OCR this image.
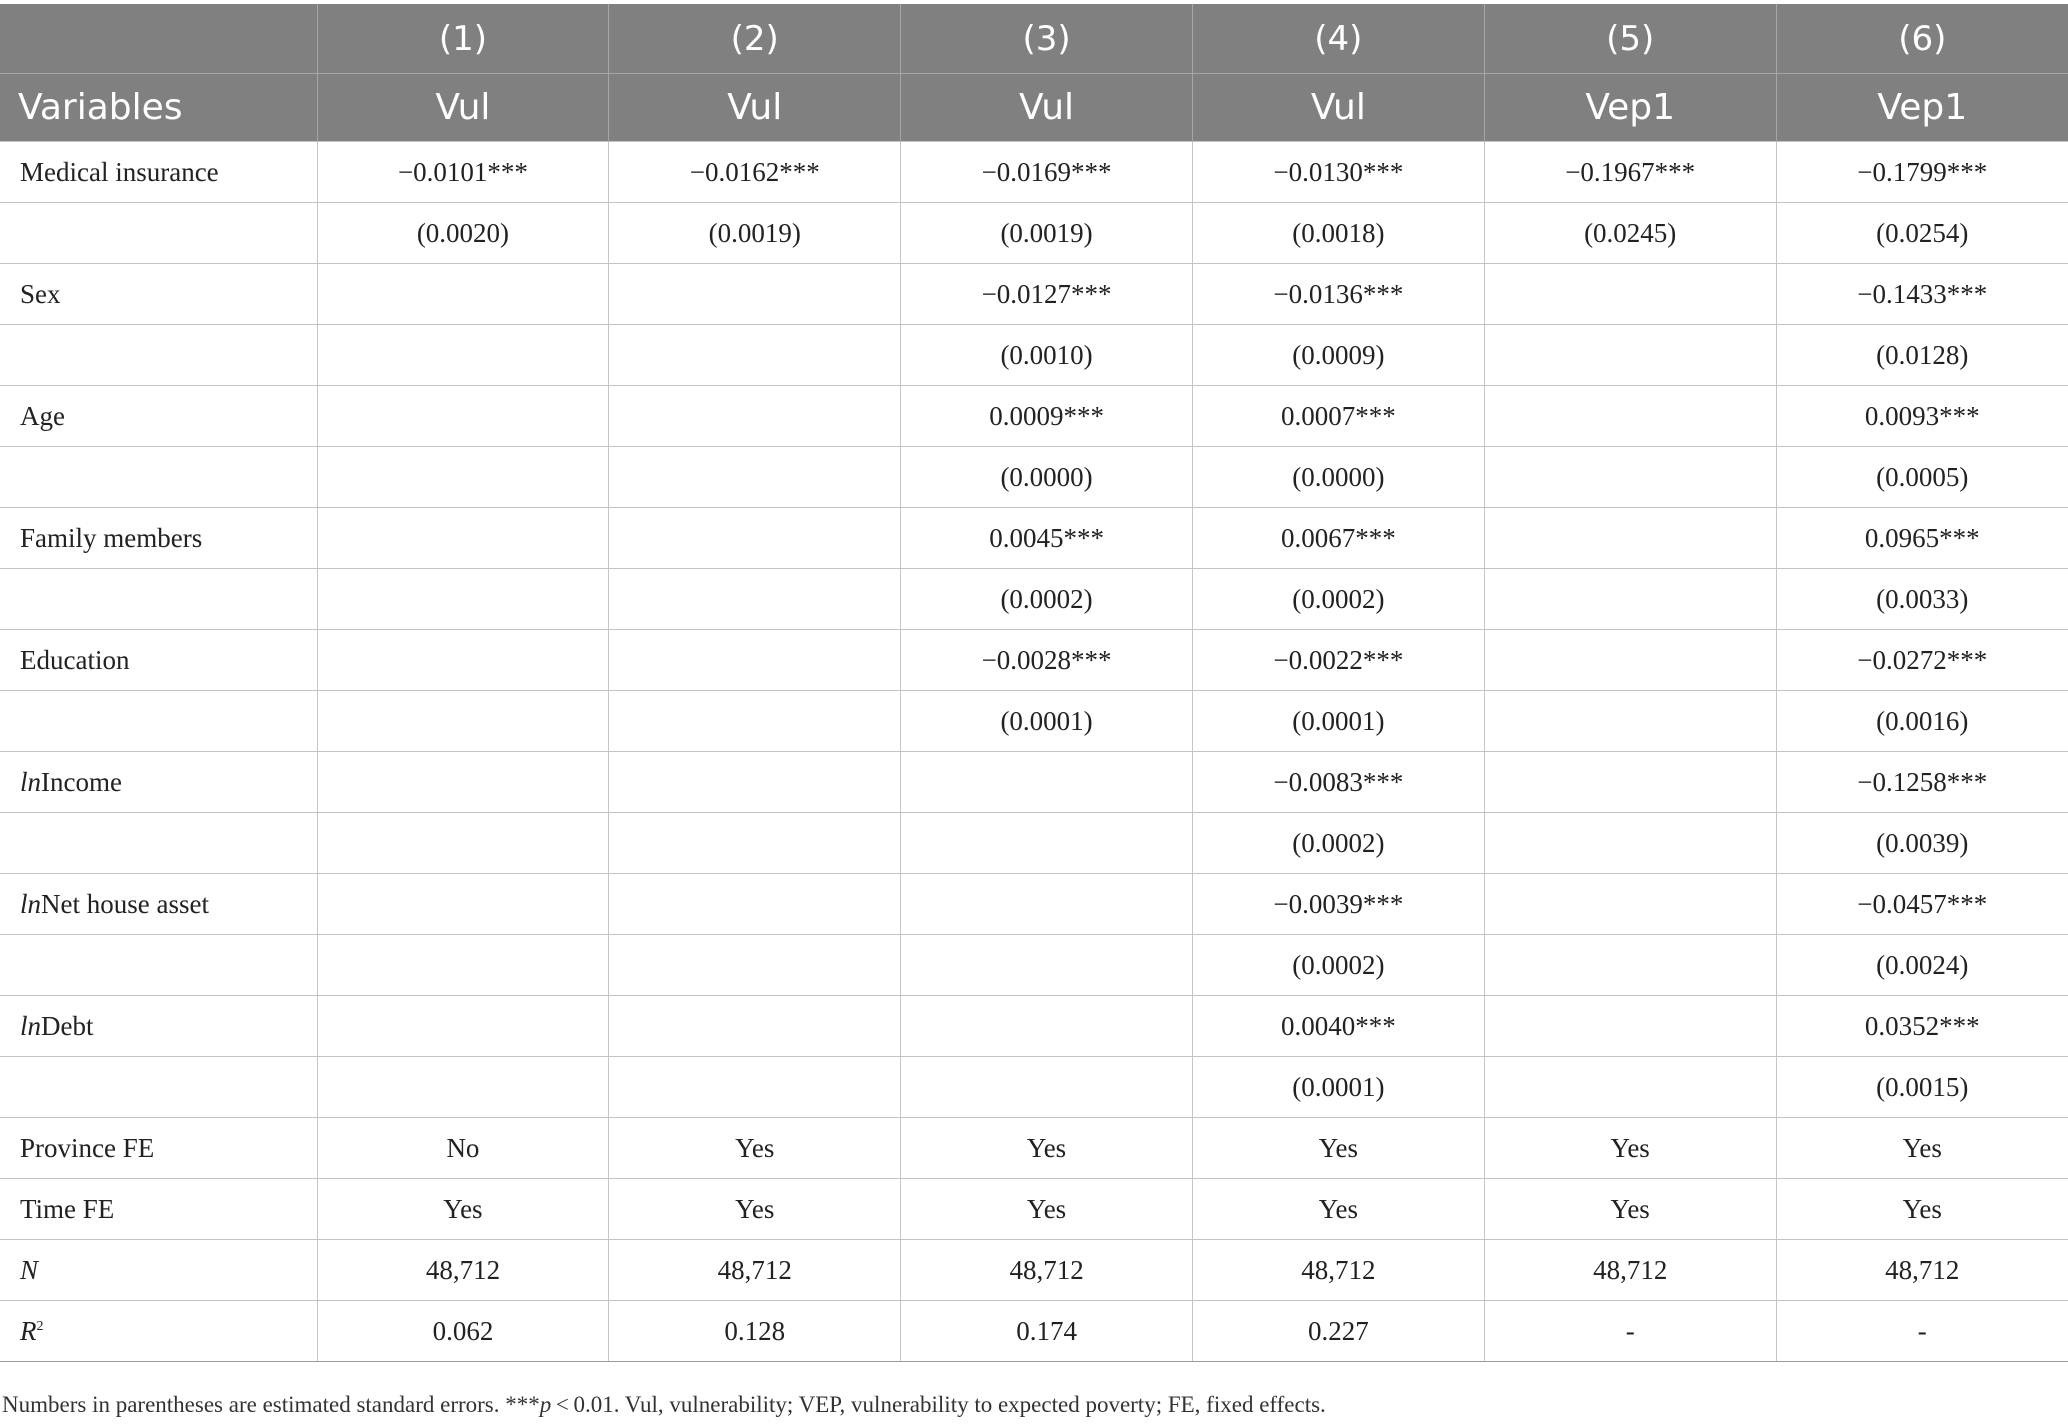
	(1)	(2)	(3)	(4)	(5)	(6)
Variables	Vul	Vul	Vul	Vul	Vep1	Vep1
Medical insurance	−0.0101***	−0.0162***	−0.0169***	−0.0130***	−0.1967***	−0.1799***
	(0.0020)	(0.0019)	(0.0019)	(0.0018)	(0.0245)	(0.0254)
Sex			−0.0127***	−0.0136***		−0.1433***
			(0.0010)	(0.0009)		(0.0128)
Age			0.0009***	0.0007***		0.0093***
			(0.0000)	(0.0000)		(0.0005)
Family members			0.0045***	0.0067***		0.0965***
			(0.0002)	(0.0002)		(0.0033)
Education			−0.0028***	−0.0022***		−0.0272***
			(0.0001)	(0.0001)		(0.0016)
lnIncome				−0.0083***		−0.1258***
				(0.0002)		(0.0039)
lnNet house asset				−0.0039***		−0.0457***
				(0.0002)		(0.0024)
lnDebt				0.0040***		0.0352***
				(0.0001)		(0.0015)
Province FE	No	Yes	Yes	Yes	Yes	Yes
Time FE	Yes	Yes	Yes	Yes	Yes	Yes
N	48,712	48,712	48,712	48,712	48,712	48,712
$R^2$	0.062	0.128	0.174	0.227	-	-
Numbers in parentheses are estimated standard errors. ***p < 0.01. Vul, vulnerability; VEP, vulnerability to expected poverty; FE, fixed effects.
